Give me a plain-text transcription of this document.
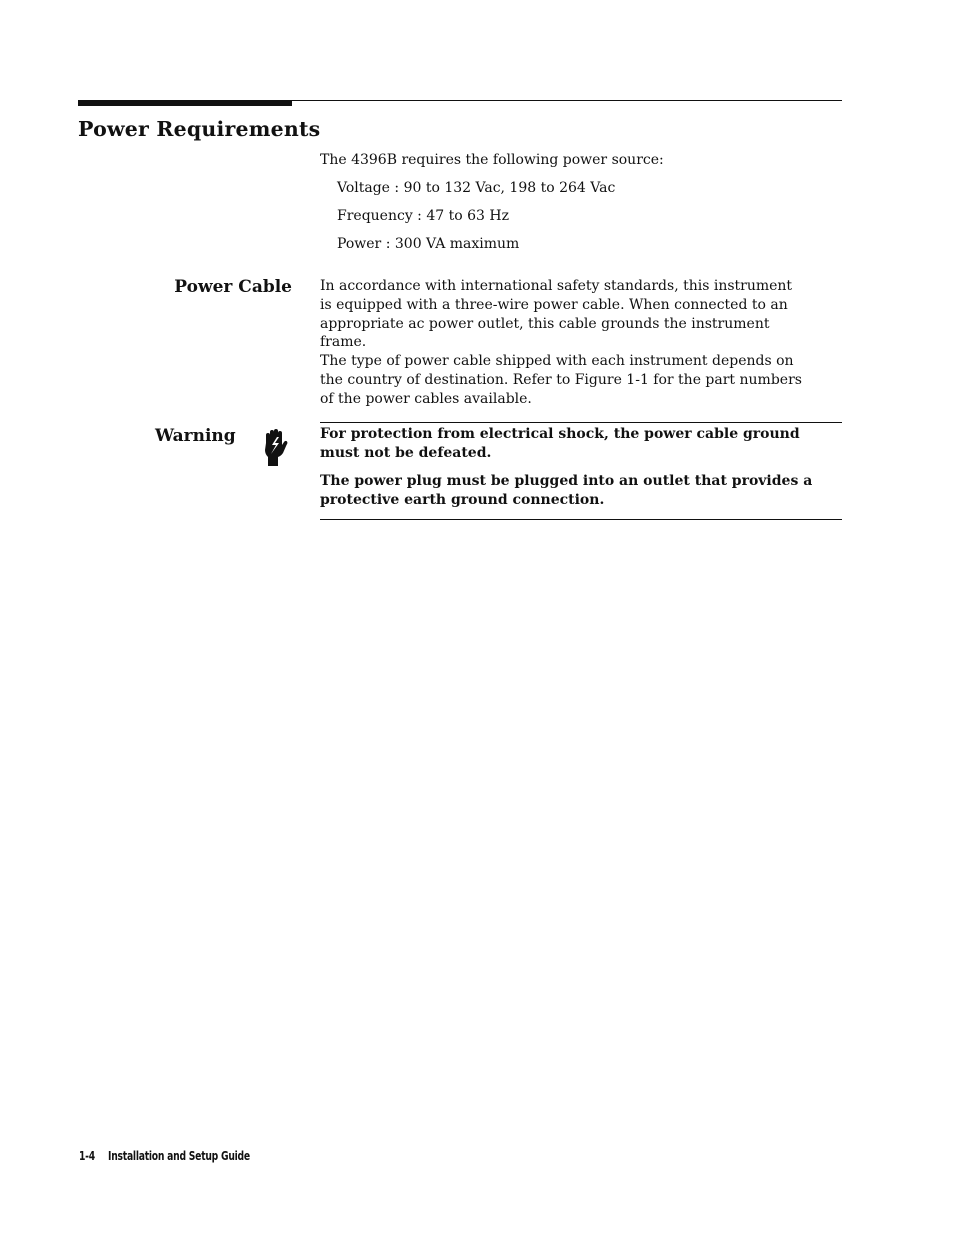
Power Requirements
The 4396B requires the following power source:
Voltage : 90 to 132 Vac, 198 to 264 Vac
Frequency : 47 to 63 Hz
Power : 300 VA maximum
Power Cable In accordance with international safety standards, this instrument
is equipped with a three-wire power cable. When connected to an
appropriate ac power outlet, this cable grounds the instrument
frame.
The type of power cable shipped with each instrument depends on
the country of destination. Refer to Figure 1-1 for the part numbers
of the power cables available.
Warning	For protection from electrical shock, the power cable ground
must not be defeated.
The power plug must be plugged into an outlet that provides a
protective earth ground connection.
1-4 Installation and Setup Guide
